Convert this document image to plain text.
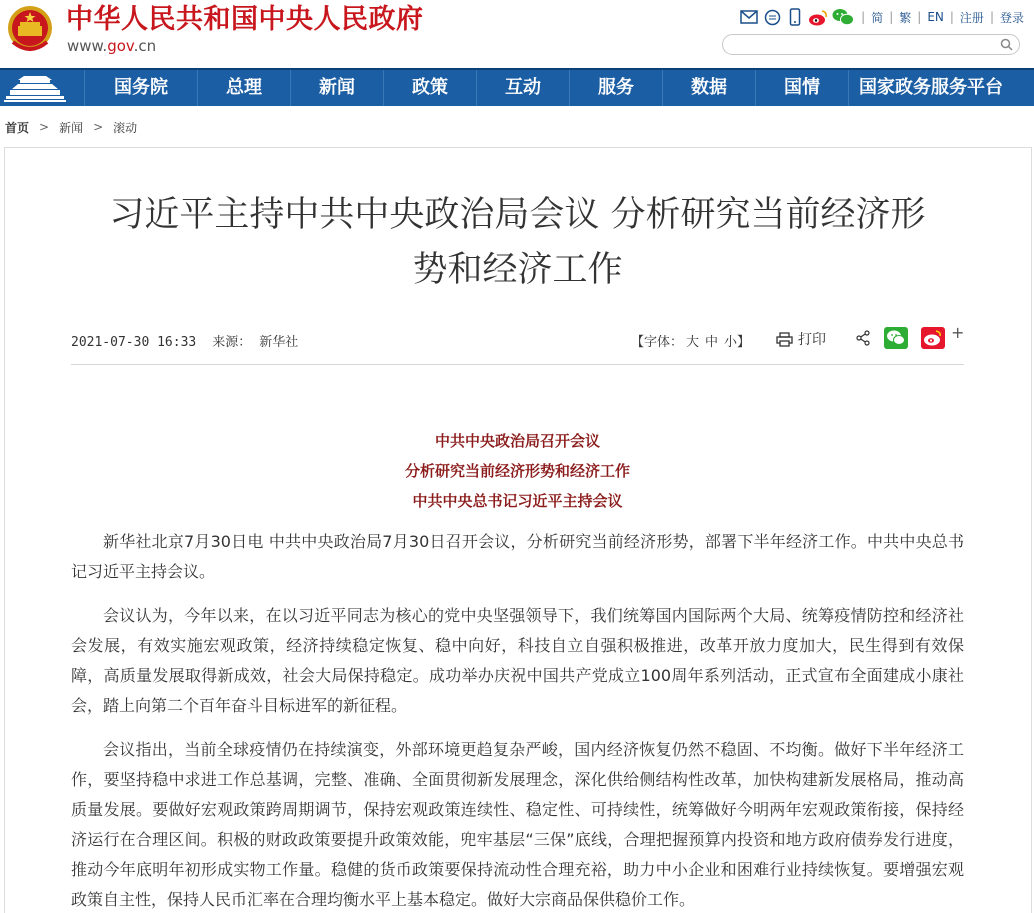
中华人民共和国中央人民政府
www.gov.cn
| 简 | 繁 | EN | 注册 | 登录
国务院	总理	新闻	政策	互动	服务	数据	国情	国家政务服务平台
首页 > 新闻 > 滚动
习近平主持中共中央政治局会议 分析研究当前经济形
势和经济工作
2021-07-30 16:33 来源： 新华社	【字体： 大 中 小】	打印	+
中共中央政治局召开会议
分析研究当前经济形势和经济工作
中共中央总书记习近平主持会议

新华社北京7月30日电 中共中央政治局7月30日召开会议，分析研究当前经济形势，部署下半年经济工作。中共中央总书记习近平主持会议。

会议认为，今年以来，在以习近平同志为核心的党中央坚强领导下，我们统筹国内国际两个大局、统筹疫情防控和经济社会发展，有效实施宏观政策，经济持续稳定恢复、稳中向好，科技自立自强积极推进，改革开放力度加大，民生得到有效保障，高质量发展取得新成效，社会大局保持稳定。成功举办庆祝中国共产党成立100周年系列活动，正式宣布全面建成小康社会，踏上向第二个百年奋斗目标进军的新征程。

会议指出，当前全球疫情仍在持续演变，外部环境更趋复杂严峻，国内经济恢复仍然不稳固、不均衡。做好下半年经济工作，要坚持稳中求进工作总基调，完整、准确、全面贯彻新发展理念，深化供给侧结构性改革，加快构建新发展格局，推动高质量发展。要做好宏观政策跨周期调节，保持宏观政策连续性、稳定性、可持续性，统筹做好今明两年宏观政策衔接，保持经济运行在合理区间。积极的财政政策要提升政策效能，兜牢基层“三保”底线，合理把握预算内投资和地方政府债券发行进度，推动今年底明年初形成实物工作量。稳健的货币政策要保持流动性合理充裕，助力中小企业和困难行业持续恢复。要增强宏观政策自主性，保持人民币汇率在合理均衡水平上基本稳定。做好大宗商品保供稳价工作。
